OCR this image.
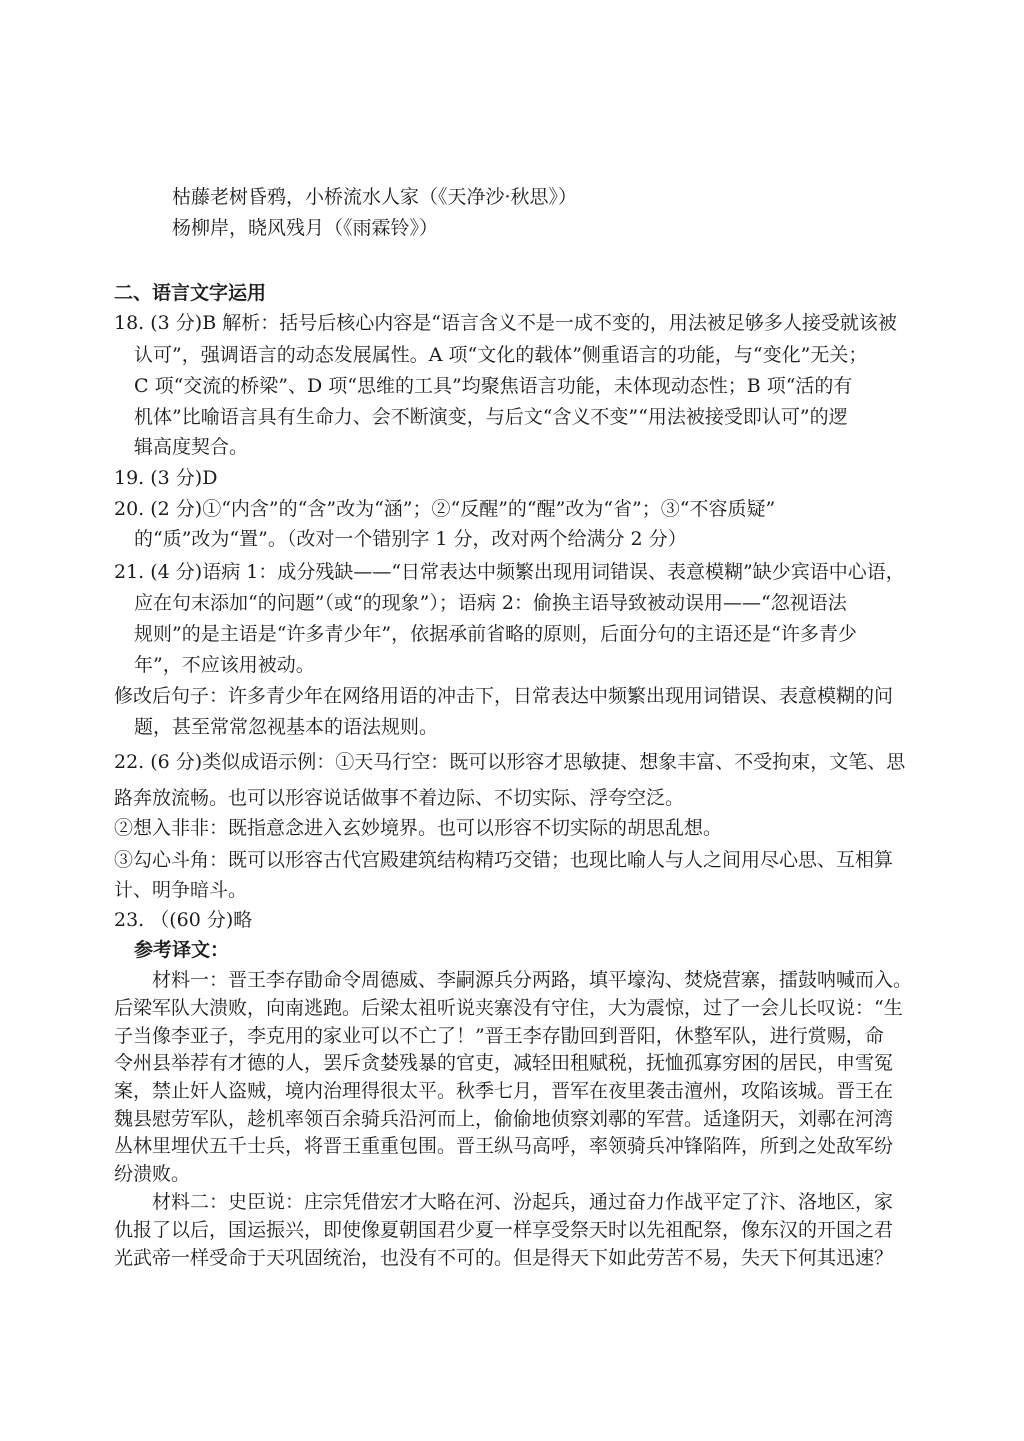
枯藤老树昏鸦，小桥流水人家（《天净沙·秋思》）
杨柳岸，晓风残月（《雨霖铃》）
二、语言文字运用
18. (3 分)B 解析：括号后核心内容是“语言含义不是一成不变的，用法被足够多人接受就该被
认可”，强调语言的动态发展属性。A 项“文化的载体”侧重语言的功能，与“变化”无关；
C 项“交流的桥梁”、D 项“思维的工具”均聚焦语言功能，未体现动态性；B 项“活的有
机体”比喻语言具有生命力、会不断演变，与后文“含义不变”“用法被接受即认可”的逻
辑高度契合。
19. (3 分)D
20. (2 分)①“内含”的“含”改为“涵”；②“反醒”的“醒”改为“省”；③“不容质疑”
的“质”改为“置”。（改对一个错别字 1 分，改对两个给满分 2 分）
21. (4 分)语病 1：成分残缺——“日常表达中频繁出现用词错误、表意模糊”缺少宾语中心语，
应在句末添加“的问题”（或“的现象”）；语病 2：偷换主语导致被动误用——“忽视语法
规则”的是主语是“许多青少年”，依据承前省略的原则，后面分句的主语还是“许多青少
年”，不应该用被动。
修改后句子：许多青少年在网络用语的冲击下，日常表达中频繁出现用词错误、表意模糊的问
题，甚至常常忽视基本的语法规则。
22. (6 分)类似成语示例：①天马行空：既可以形容才思敏捷、想象丰富、不受拘束，文笔、思
路奔放流畅。也可以形容说话做事不着边际、不切实际、浮夸空泛。
②想入非非：既指意念进入玄妙境界。也可以形容不切实际的胡思乱想。
③勾心斗角：既可以形容古代宫殿建筑结构精巧交错；也现比喻人与人之间用尽心思、互相算
计、明争暗斗。
23. （(60 分)略
参考译文：
材料一：晋王李存勖命令周德威、李嗣源兵分两路，填平壕沟、焚烧营寨，擂鼓呐喊而入。
后梁军队大溃败，向南逃跑。后梁太祖听说夹寨没有守住，大为震惊，过了一会儿长叹说：“生
子当像李亚子，李克用的家业可以不亡了！”晋王李存勖回到晋阳，休整军队，进行赏赐，命
令州县举荐有才德的人，罢斥贪婪残暴的官吏，减轻田租赋税，抚恤孤寡穷困的居民，申雪冤
案，禁止奸人盗贼，境内治理得很太平。秋季七月，晋军在夜里袭击澶州，攻陷该城。晋王在
魏县慰劳军队，趁机率领百余骑兵沿河而上，偷偷地侦察刘鄩的军营。适逢阴天，刘鄩在河湾
丛林里埋伏五千士兵，将晋王重重包围。晋王纵马高呼，率领骑兵冲锋陷阵，所到之处敌军纷
纷溃败。
材料二：史臣说：庄宗凭借宏才大略在河、汾起兵，通过奋力作战平定了汴、洛地区，家
仇报了以后，国运振兴，即使像夏朝国君少夏一样享受祭天时以先祖配祭，像东汉的开国之君
光武帝一样受命于天巩固统治，也没有不可的。但是得天下如此劳苦不易，失天下何其迅速？
